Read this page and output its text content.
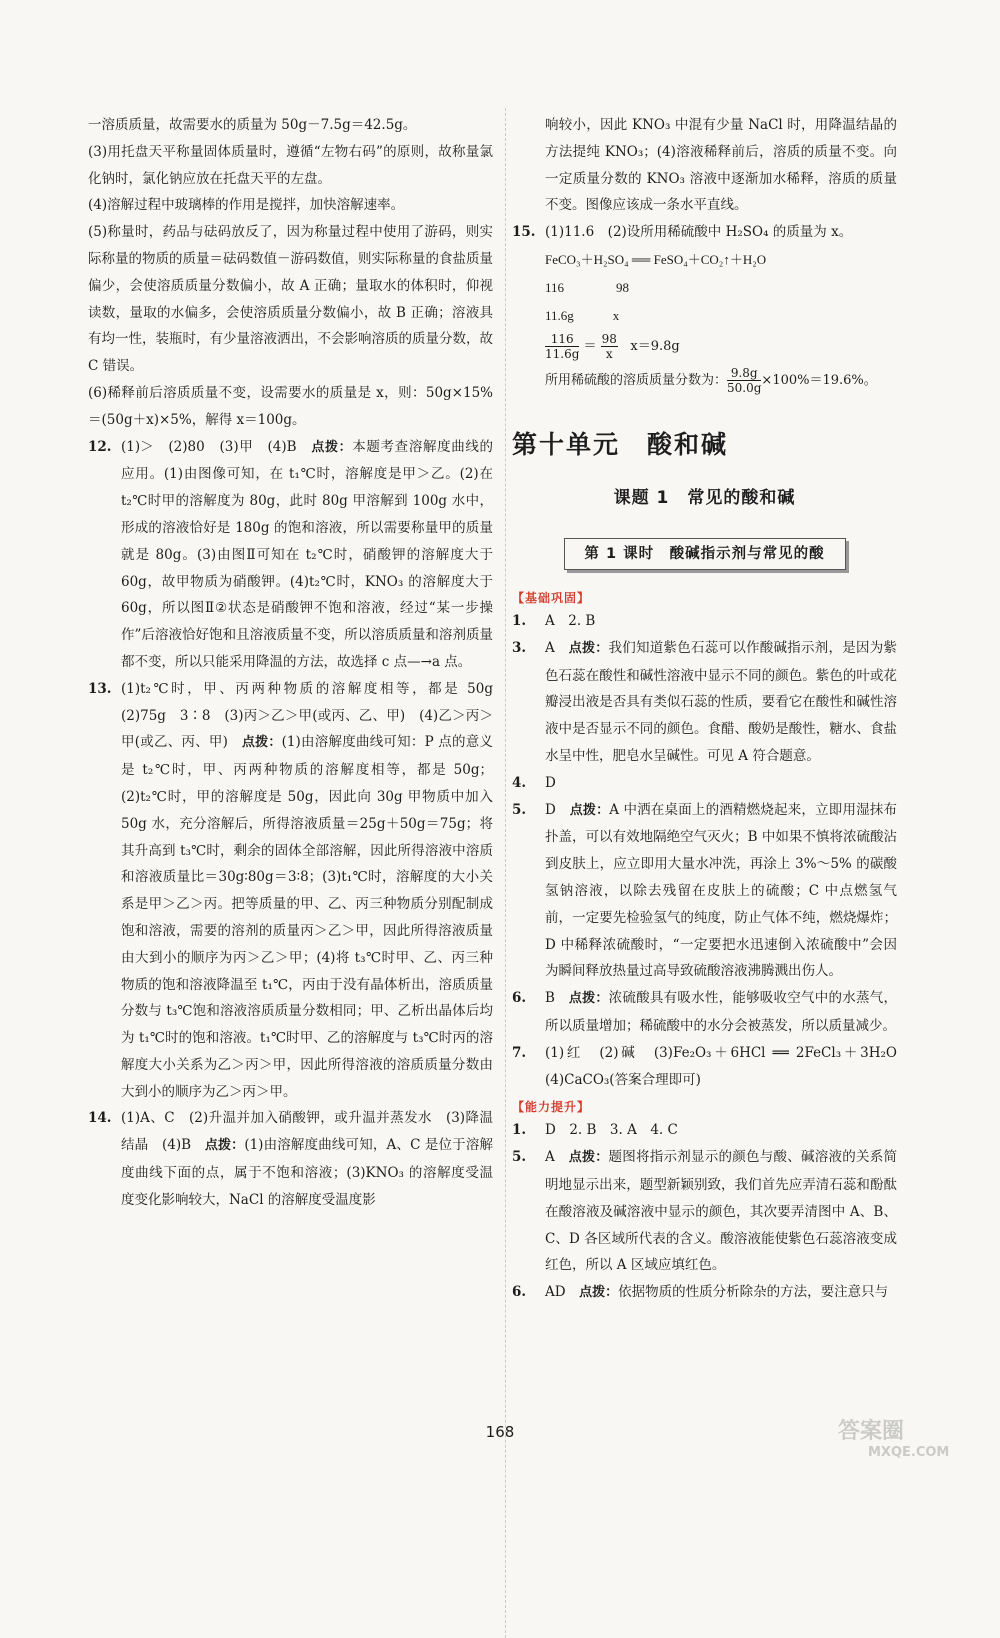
一溶质质量，故需要水的质量为 50g－7.5g＝42.5g。

(3)用托盘天平称量固体质量时，遵循“左物右码”的原则，故称量氯化钠时，氯化钠应放在托盘天平的左盘。

(4)溶解过程中玻璃棒的作用是搅拌，加快溶解速率。

(5)称量时，药品与砝码放反了，因为称量过程中使用了游码，则实际称量的物质的质量＝砝码数值－游码数值，则实际称量的食盐质量偏少，会使溶质质量分数偏小，故 A 正确；量取水的体积时，仰视读数，量取的水偏多，会使溶质质量分数偏小，故 B 正确；溶液具有均一性，装瓶时，有少量溶液洒出，不会影响溶质的质量分数，故 C 错误。

(6)稀释前后溶质质量不变，设需要水的质量是 x，则：50g×15%＝(50g＋x)×5%，解得 x＝100g。

12. (1)＞　(2)80　(3)甲　(4)B　点拨：本题考查溶解度曲线的应用。(1)由图像可知，在 t₁℃时，溶解度是甲＞乙。(2)在 t₂℃时甲的溶解度为 80g，此时 80g 甲溶解到 100g 水中，形成的溶液恰好是 180g 的饱和溶液，所以需要称量甲的质量就是 80g。(3)由图Ⅱ可知在 t₂℃时，硝酸钾的溶解度大于 60g，故甲物质为硝酸钾。(4)t₂℃时，KNO₃ 的溶解度大于 60g，所以图Ⅱ②状态是硝酸钾不饱和溶液，经过“某一步操作”后溶液恰好饱和且溶液质量不变，所以溶质质量和溶剂质量都不变，所以只能采用降温的方法，故选择 c 点—→a 点。

13. (1)t₂℃时，甲、丙两种物质的溶解度相等，都是 50g　(2)75g　3∶8　(3)丙＞乙＞甲(或丙、乙、甲)　(4)乙＞丙＞甲(或乙、丙、甲)　点拨：(1)由溶解度曲线可知：P 点的意义是 t₂℃时，甲、丙两种物质的溶解度相等，都是 50g；(2)t₂℃时，甲的溶解度是 50g，因此向 30g 甲物质中加入 50g 水，充分溶解后，所得溶液质量＝25g＋50g＝75g；将其升高到 t₃℃时，剩余的固体全部溶解，因此所得溶液中溶质和溶液质量比＝30g∶80g＝3∶8；(3)t₁℃时，溶解度的大小关系是甲＞乙＞丙。把等质量的甲、乙、丙三种物质分别配制成饱和溶液，需要的溶剂的质量丙＞乙＞甲，因此所得溶液质量由大到小的顺序为丙＞乙＞甲；(4)将 t₃℃时甲、乙、丙三种物质的饱和溶液降温至 t₁℃，丙由于没有晶体析出，溶质质量分数与 t₃℃饱和溶液溶质质量分数相同；甲、乙析出晶体后均为 t₁℃时的饱和溶液。t₁℃时甲、乙的溶解度与 t₃℃时丙的溶解度大小关系为乙＞丙＞甲，因此所得溶液的溶质质量分数由大到小的顺序为乙＞丙＞甲。

14. (1)A、C　(2)升温并加入硝酸钾，或升温并蒸发水　(3)降温结晶　(4)B　点拨：(1)由溶解度曲线可知，A、C 是位于溶解度曲线下面的点，属于不饱和溶液；(3)KNO₃ 的溶解度受温度变化影响较大，NaCl 的溶解度受温度影

响较小，因此 KNO₃ 中混有少量 NaCl 时，用降温结晶的方法提纯 KNO₃；(4)溶液稀释前后，溶质的质量不变。向一定质量分数的 KNO₃ 溶液中逐渐加水稀释，溶质的质量不变。图像应该成一条水平直线。

15. (1)11.6　(2)设所用稀硫酸中 H₂SO₄ 的质量为 x。

FeCO₃＋H₂SO₄ ══ FeSO₄＋CO₂↑＋H₂O

116　　　　98

11.6g　　　x

$\frac{116}{11.6g} = \frac{98}{x} x=9.8g$

所用稀硫酸的溶质质量分数为： $\frac{9.8g}{50.0g} \times 100\%=19.6\%$。

第十单元　酸和碱
课题 1　常见的酸和碱
第 1 课时　酸碱指示剂与常见的酸
【基础巩固】
1.	A　2. B

3.	A　点拨：我们知道紫色石蕊可以作酸碱指示剂，是因为紫色石蕊在酸性和碱性溶液中显示不同的颜色。紫色的叶或花瓣浸出液是否具有类似石蕊的性质，要看它在酸性和碱性溶液中是否显示不同的颜色。食醋、酸奶是酸性，糖水、食盐水呈中性，肥皂水呈碱性。可见 A 符合题意。

4.	D

5.	D　点拨：A 中洒在桌面上的酒精燃烧起来，立即用湿抹布扑盖，可以有效地隔绝空气灭火；B 中如果不慎将浓硫酸沾到皮肤上，应立即用大量水冲洗，再涂上 3%～5% 的碳酸氢钠溶液，以除去残留在皮肤上的硫酸；C 中点燃氢气前，一定要先检验氢气的纯度，防止气体不纯，燃烧爆炸；D 中稀释浓硫酸时，“一定要把水迅速倒入浓硫酸中”会因为瞬间释放热量过高导致硫酸溶液沸腾溅出伤人。

6.	B　点拨：浓硫酸具有吸水性，能够吸收空气中的水蒸气，所以质量增加；稀硫酸中的水分会被蒸发，所以质量减少。

7.	(1)红　(2)碱　(3)Fe₂O₃＋6HCl ══ 2FeCl₃＋3H₂O　(4)CaCO₃(答案合理即可)

【能力提升】
1.	D　2. B　3. A　4. C

5.	A　点拨：题图将指示剂显示的颜色与酸、碱溶液的关系简明地显示出来，题型新颖别致，我们首先应弄清石蕊和酚酞在酸溶液及碱溶液中显示的颜色，其次要弄清图中 A、B、C、D 各区域所代表的含义。酸溶液能使紫色石蕊溶液变成红色，所以 A 区域应填红色。

6.	AD　点拨：依据物质的性质分析除杂的方法，要注意只与

168	答案圈
MXQE.COM
